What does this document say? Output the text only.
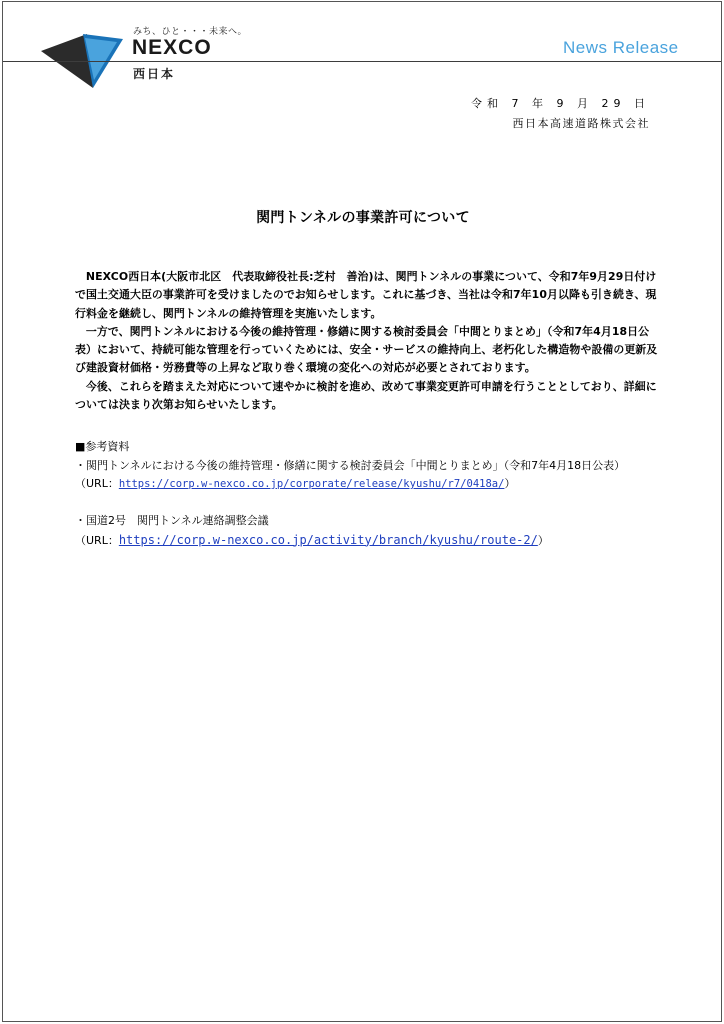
みち、ひと・・・未来へ。
NEXCO
西日本
News Release
令和 7 年 9 月 29 日
西日本高速道路株式会社
関門トンネルの事業許可について

NEXCO西日本(大阪市北区　代表取締役社長:芝村　善治)は、関門トンネルの事業について、令和7年9月29日付けで国土交通大臣の事業許可を受けましたのでお知らせします。これに基づき、当社は令和7年10月以降も引き続き、現行料金を継続し、関門トンネルの維持管理を実施いたします。

一方で、関門トンネルにおける今後の維持管理・修繕に関する検討委員会「中間とりまとめ」（令和7年4月18日公表）において、持続可能な管理を行っていくためには、安全・サービスの維持向上、老朽化した構造物や設備の更新及び建設資材価格・労務費等の上昇など取り巻く環境の変化への対応が必要とされております。

今後、これらを踏まえた対応について速やかに検討を進め、改めて事業変更許可申請を行うこととしており、詳細については決まり次第お知らせいたします。

■参考資料
・関門トンネルにおける今後の維持管理・修繕に関する検討委員会「中間とりまとめ」（令和7年4月18日公表）
（URL：https://corp.w-nexco.co.jp/corporate/release/kyushu/r7/0418a/）
・国道2号　関門トンネル連絡調整会議
（URL：https://corp.w-nexco.co.jp/activity/branch/kyushu/route-2/）
